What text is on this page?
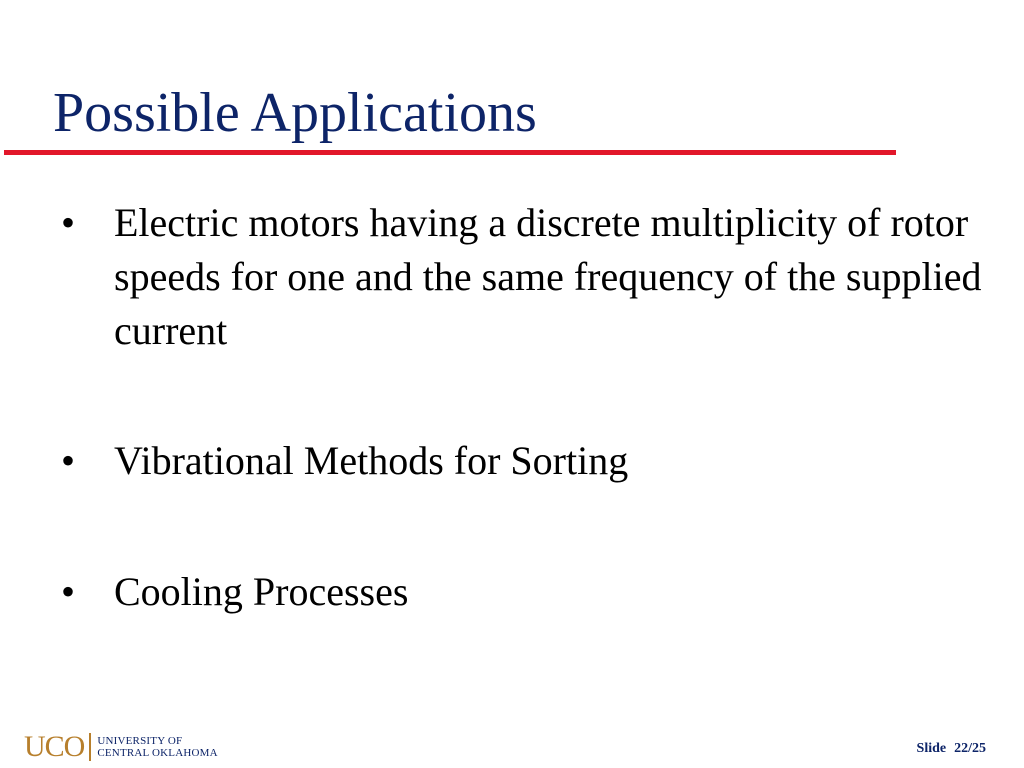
Possible Applications
• Electric motors having a discrete multiplicity of rotor speeds for one and the same frequency of the supplied current
• Vibrational Methods for Sorting
• Cooling Processes
UCO UNIVERSITY OF
CENTRAL OKLAHOMA	Slide 22/25
